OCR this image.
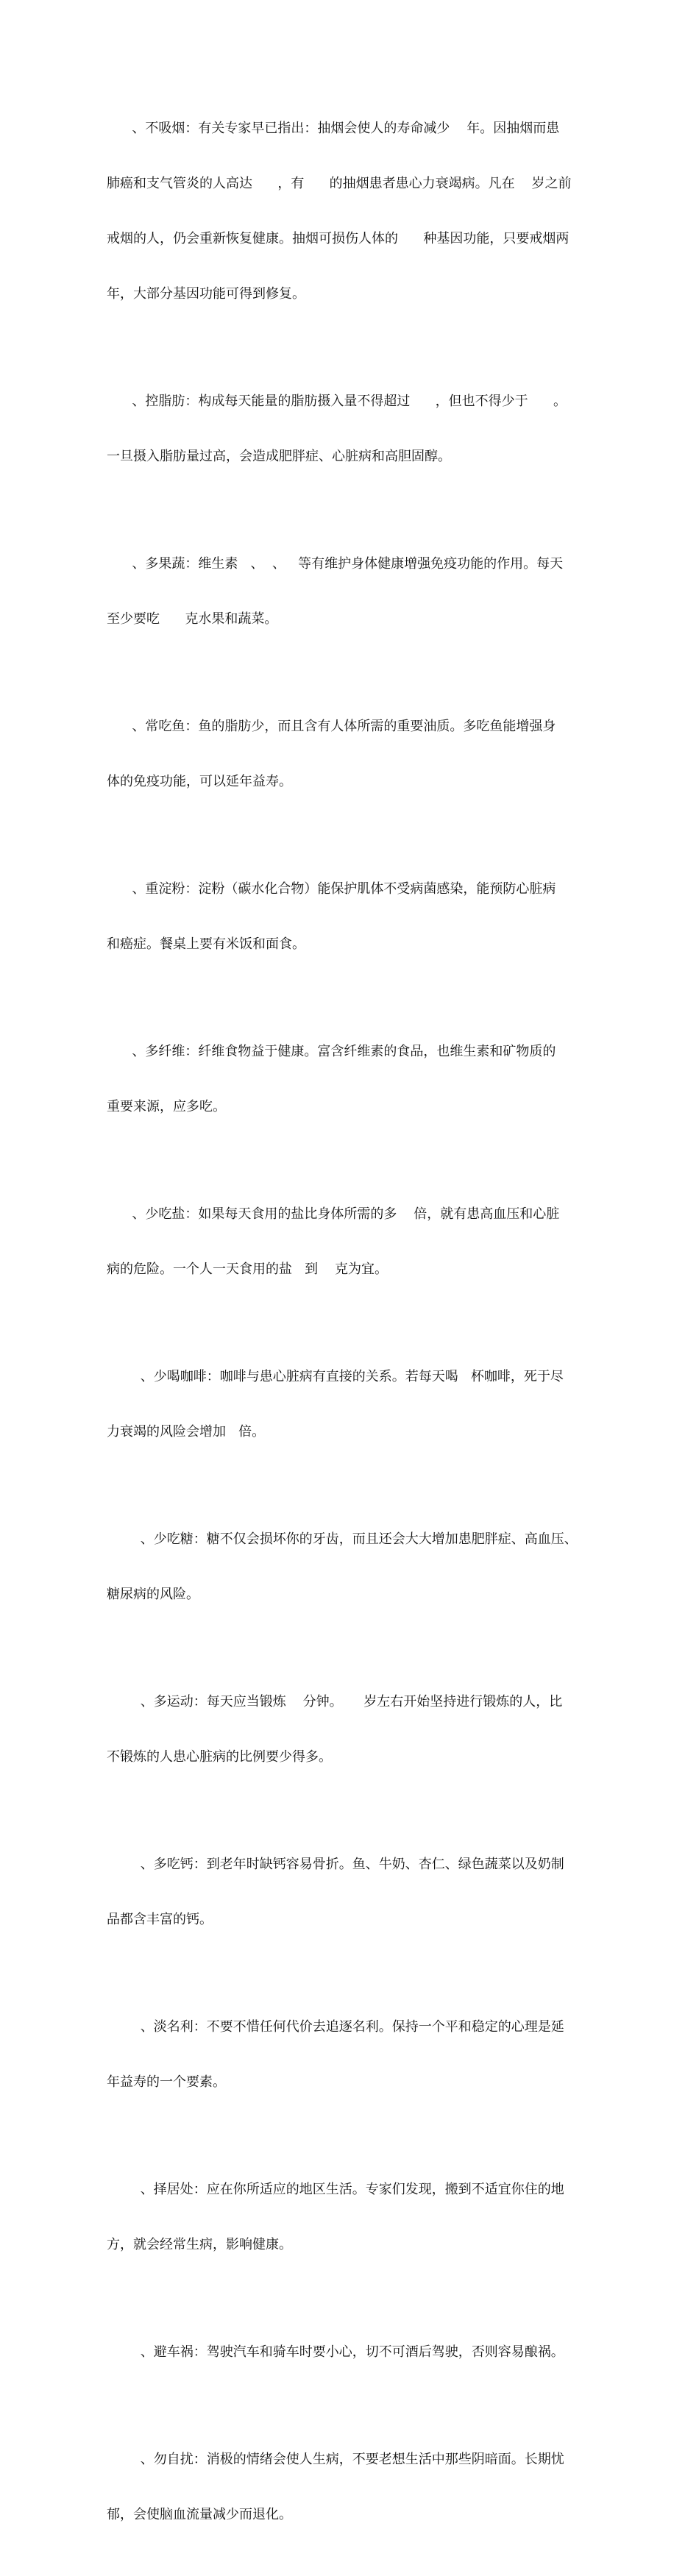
、不吸烟：有关专家早已指出：抽烟会使人的寿命减少    年。因抽烟而患

肺癌和支气管炎的人高达      ，有      的抽烟患者患心力衰竭病。凡在    岁之前

戒烟的人，仍会重新恢复健康。抽烟可损伤人体的      种基因功能，只要戒烟两

年，大部分基因功能可得到修复。

、控脂肪：构成每天能量的脂肪摄入量不得超过      ，但也不得少于      。

一旦摄入脂肪量过高，会造成肥胖症、心脏病和高胆固醇。

、多果蔬：维生素   、  、   等有维护身体健康增强免疫功能的作用。每天

至少要吃      克水果和蔬菜。

、常吃鱼：鱼的脂肪少，而且含有人体所需的重要油质。多吃鱼能增强身

体的免疫功能，可以延年益寿。

、重淀粉：淀粉（碳水化合物）能保护肌体不受病菌感染，能预防心脏病

和癌症。餐桌上要有米饭和面食。

、多纤维：纤维食物益于健康。富含纤维素的食品，也维生素和矿物质的

重要来源，应多吃。

、少吃盐：如果每天食用的盐比身体所需的多    倍，就有患高血压和心脏

病的危险。一个人一天食用的盐   到    克为宜。

、少喝咖啡：咖啡与患心脏病有直接的关系。若每天喝   杯咖啡，死于尽

力衰竭的风险会增加   倍。

、少吃糖：糖不仅会损坏你的牙齿，而且还会大大增加患肥胖症、高血压、

糖尿病的风险。

、多运动：每天应当锻炼    分钟。     岁左右开始坚持进行锻炼的人，比

不锻炼的人患心脏病的比例要少得多。

、多吃钙：到老年时缺钙容易骨折。鱼、牛奶、杏仁、绿色蔬菜以及奶制

品都含丰富的钙。

、淡名利：不要不惜任何代价去追逐名利。保持一个平和稳定的心理是延

年益寿的一个要素。

、择居处：应在你所适应的地区生活。专家们发现，搬到不适宜你住的地

方，就会经常生病，影响健康。

、避车祸：驾驶汽车和骑车时要小心，切不可酒后驾驶，否则容易酿祸。

、勿自扰：消极的情绪会使人生病，不要老想生活中那些阴暗面。长期忧

郁，会使脑血流量减少而退化。
